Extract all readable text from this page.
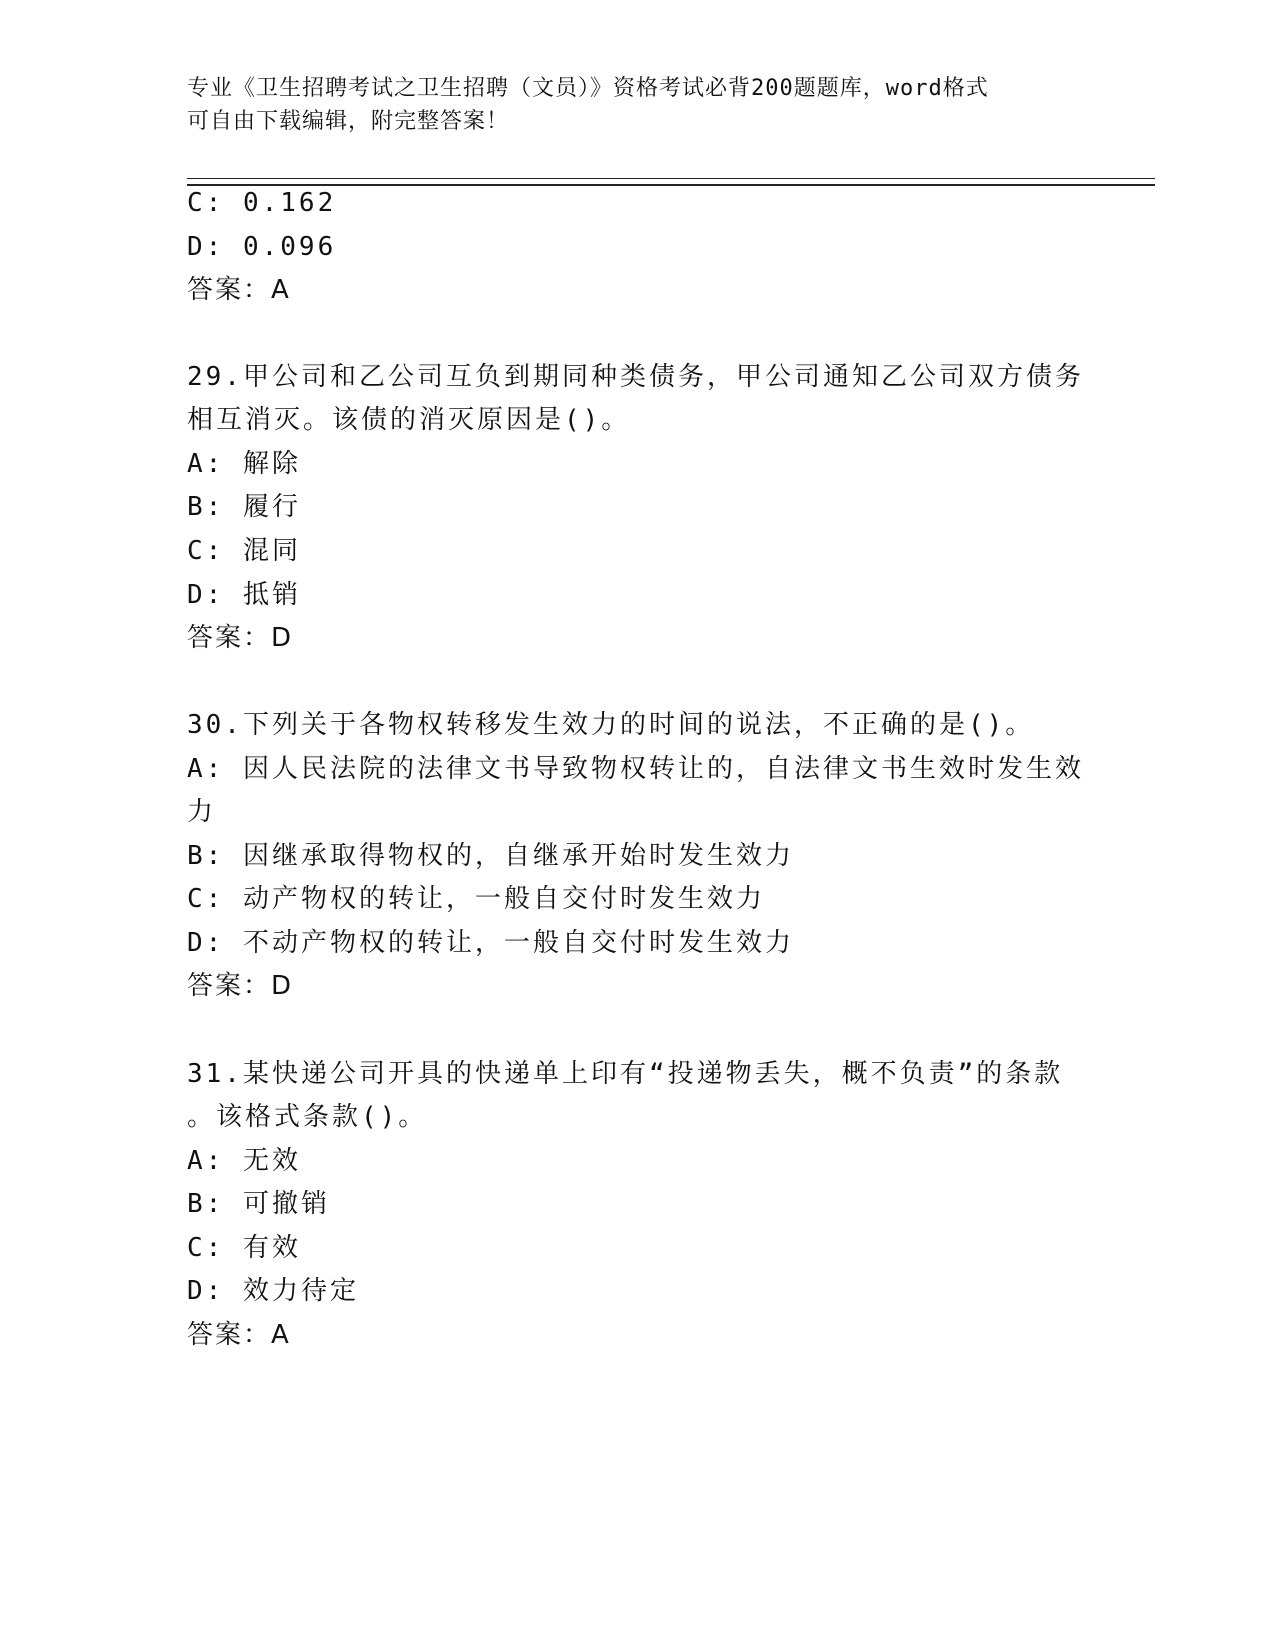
专业《卫生招聘考试之卫生招聘（文员）》资格考试必背200题题库，word格式
可自由下载编辑，附完整答案！
C: 0.162
D: 0.096
答案：A
29.甲公司和乙公司互负到期同种类债务，甲公司通知乙公司双方债务
相互消灭。该债的消灭原因是()。
A: 解除
B: 履行
C: 混同
D: 抵销
答案：D
30.下列关于各物权转移发生效力的时间的说法，不正确的是()。
A: 因人民法院的法律文书导致物权转让的，自法律文书生效时发生效
力
B: 因继承取得物权的，自继承开始时发生效力
C: 动产物权的转让，一般自交付时发生效力
D: 不动产物权的转让，一般自交付时发生效力
答案：D
31.某快递公司开具的快递单上印有“投递物丢失，概不负责”的条款
。该格式条款()。
A: 无效
B: 可撤销
C: 有效
D: 效力待定
答案：A
